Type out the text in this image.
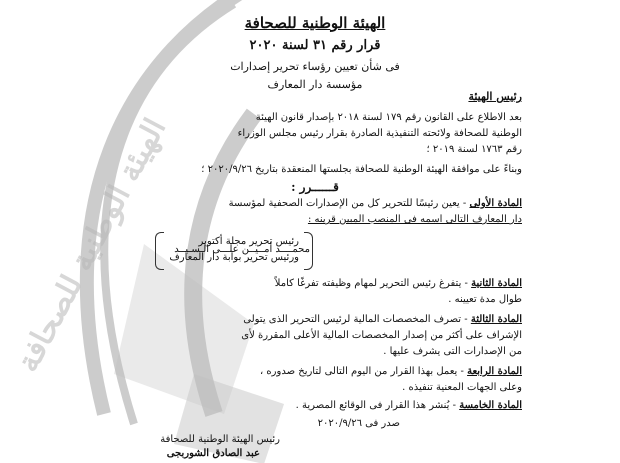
الهيئة الوطنية للصحافة
الهيئة الوطنية للصحافة
قرار رقم ٣١ لسنة ٢٠٢٠
فى شأن تعيين رؤساء تحرير إصدارات
مؤسسة دار المعارف
رئيس الهيئة
بعد الاطلاع على القانون رقم ١٧٩ لسنة ٢٠١٨ بإصدار قانون الهيئة
الوطنية للصحافة ولائحته التنفيذية الصادرة بقرار رئيس مجلس الوزراء
رقم ١٧٦٣ لسنة ٢٠١٩ ؛
وبناءً على موافقة الهيئة الوطنية للصحافة بجلستها المنعقدة بتاريخ ٢٠٢٠/٩/٢٦ ؛
قــــــرر :
المادة الأولى - يعين رئيسًا للتحرير كل من الإصدارات الصحفية لمؤسسة
دار المعارف التالى اسمه فى المنصب المبين قرينه :
محمــــد أمــيــن علـــى الـسـيــد
رئيس تحرير مجلة أكتوبر
ورئيس تحرير بوابة دار المعارف
المادة الثانية - يتفرغ رئيس التحرير لمهام وظيفته تفرغًا كاملاً
طوال مدة تعيينه .
المادة الثالثة - تصرف المخصصات المالية لرئيس التحرير الذى يتولى
الإشراف على أكثر من إصدار المخصصات المالية الأعلى المقررة لأى
من الإصدارات التى يشرف عليها .
المادة الرابعة - يعمل بهذا القرار من اليوم التالى لتاريخ صدوره ،
وعلى الجهات المعنية تنفيذه .
المادة الخامسة - يُنشر هذا القرار فى الوقائع المصرية .
صدر فى ٢٠٢٠/٩/٢٦
رئيس الهيئة الوطنية للصحافة
عبد الصادق الشوربجى
